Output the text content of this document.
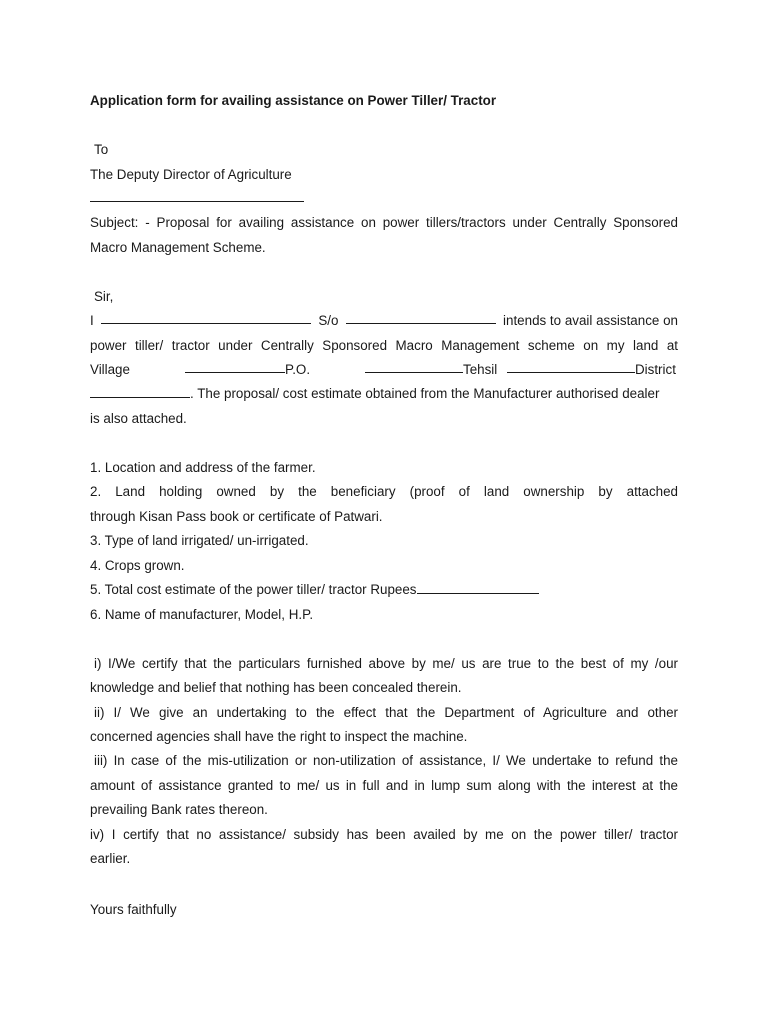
Application form for availing assistance on Power Tiller/ Tractor
To
The Deputy Director of Agriculture
Subject: - Proposal for availing assistance on power tillers/tractors under Centrally Sponsored
Macro Management Scheme.
Sir,
I	S/o	intends to avail assistance on
power tiller/ tractor under Centrally Sponsored Macro Management scheme on my land at
Village	P.O.	Tehsil	District
. The proposal/ cost estimate obtained from the Manufacturer authorised dealer
is also attached.
1. Location and address of the farmer.
2. Land holding owned by the beneficiary (proof of land ownership by attached
through Kisan Pass book or certificate of Patwari.
3. Type of land irrigated/ un-irrigated.
4. Crops grown.
5. Total cost estimate of the power tiller/ tractor Rupees
6. Name of manufacturer, Model, H.P.
i) I/We certify that the particulars furnished above by me/ us are true to the best of my /our
knowledge and belief that nothing has been concealed therein.
ii) I/ We give an undertaking to the effect that the Department of Agriculture and other
concerned agencies shall have the right to inspect the machine.
iii) In case of the mis-utilization or non-utilization of assistance, I/ We undertake to refund the
amount of assistance granted to me/ us in full and in lump sum along with the interest at the
prevailing Bank rates thereon.
iv) I certify that no assistance/ subsidy has been availed by me on the power tiller/ tractor
earlier.
Yours faithfully
